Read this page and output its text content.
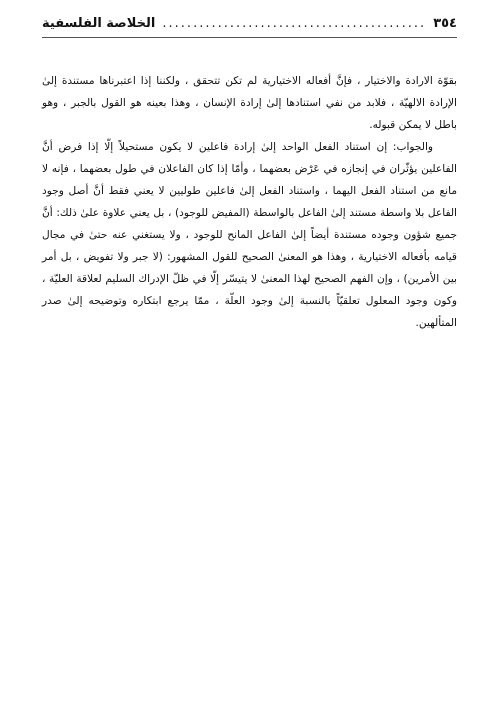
٣٥٤
...........................................
الخلاصة الفلسفية

بقوّة الارادة والاختيار ، فإنَّ أفعاله الاختيارية لم تكن تتحقق ، ولكننا إذا اعتبرناها مستندة إلىٰ الإرادة الالهيّة ، فلابد من نفي استنادها إلىٰ إرادة الإنسان ، وهذا بعينه هو القول بالجبر ، وهو باطل لا يمكن قبوله.

والجواب: إن استناد الفعل الواحد إلىٰ إرادة فاعلين لا يكون مستحيلاً إلّا إذا فرض أنَّ الفاعلين يؤثّران في إنجازه في عَرْض بعضهما ، وأمّا إذا كان الفاعلان في طول بعضهما ، فإنه لا مانع من استناد الفعل اليهما ، واستناد الفعل إلىٰ فاعلين طوليين لا يعني فقط أنَّ أصل وجود الفاعل بلا واسطة مستند إلىٰ الفاعل بالواسطة (المفيض للوجود) ، بل يعني علاوة علىٰ ذلك: أنَّ جميع شؤون وجوده مستندة أيضاً إلىٰ الفاعل المانح للوجود ، ولا يستغني عنه حتىٰ في مجال قيامه بأفعاله الاختيارية ، وهذا هو المعنىٰ الصحيح للقول المشهور: (لا جبر ولا تفويض ، بل أمر بين الأمرين) ، وإن الفهم الصحيح لهذا المعنىٰ لا يتيسّر إلّا في ظلّ الإدراك السليم لعلاقة العليّة ، وكون وجود المعلول تعلقيّاً بالنسبة إلىٰ وجود العلّة ، ممّا يرجع ابتكاره وتوضيحه إلىٰ صدر المتألهين.
